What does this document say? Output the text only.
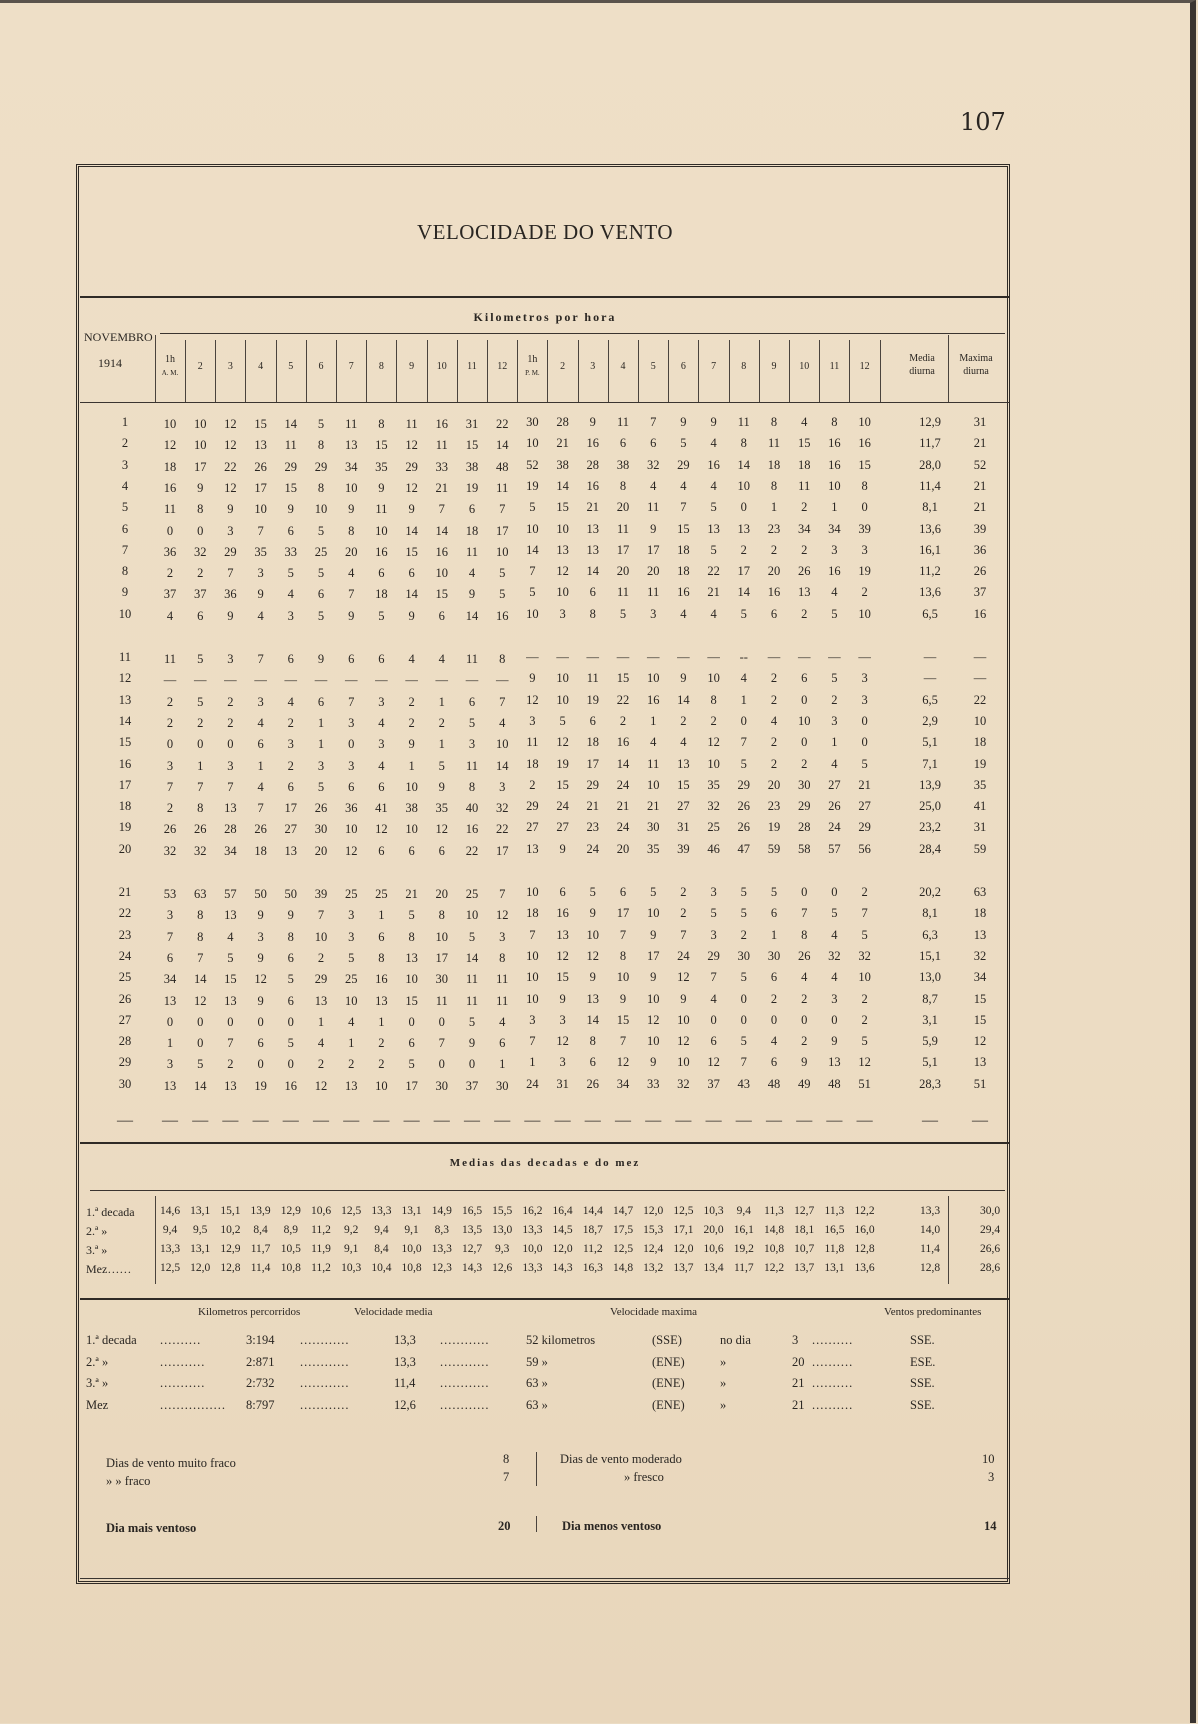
107
VELOCIDADE DO VENTO
NOVEMBRO
1914
Kilometros por hora
1h
A. M.
2	3	4	5	6	7	8	9	10	11	12
1h
P. M.
2	3	4	5	6	7	8	9	10	11	12
Media
diurna
Maxima
diurna
1	10	10	12	15	14	5	11	8	11	16	31	22	30	28	9	11	7	9	9	11	8	4	8	10	12,9	31
2	12	10	12	13	11	8	13	15	12	11	15	14	10	21	16	6	6	5	4	8	11	15	16	16	11,7	21
3	18	17	22	26	29	29	34	35	29	33	38	48	52	38	28	38	32	29	16	14	18	18	16	15	28,0	52
4	16	9	12	17	15	8	10	9	12	21	19	11	19	14	16	8	4	4	4	10	8	11	10	8	11,4	21
5	11	8	9	10	9	10	9	11	9	7	6	7	5	15	21	20	11	7	5	0	1	2	1	0	8,1	21
6	0	0	3	7	6	5	8	10	14	14	18	17	10	10	13	11	9	15	13	13	23	34	34	39	13,6	39
7	36	32	29	35	33	25	20	16	15	16	11	10	14	13	13	17	17	18	5	2	2	2	3	3	16,1	36
8	2	2	7	3	5	5	4	6	6	10	4	5	7	12	14	20	20	18	22	17	20	26	16	19	11,2	26
9	37	37	36	9	4	6	7	18	14	15	9	5	5	10	6	11	11	16	21	14	16	13	4	2	13,6	37
10	4	6	9	4	3	5	9	5	9	6	14	16	10	3	8	5	3	4	4	5	6	2	5	10	6,5	16
11	11	5	3	7	6	9	6	6	4	4	11	8	—	—	—	—	—	—	—	--	—	—	—	—	—	—
12	—	—	—	—	—	—	—	—	—	—	—	—	9	10	11	15	10	9	10	4	2	6	5	3	—	—
13	2	5	2	3	4	6	7	3	2	1	6	7	12	10	19	22	16	14	8	1	2	0	2	3	6,5	22
14	2	2	2	4	2	1	3	4	2	2	5	4	3	5	6	2	1	2	2	0	4	10	3	0	2,9	10
15	0	0	0	6	3	1	0	3	9	1	3	10	11	12	18	16	4	4	12	7	2	0	1	0	5,1	18
16	3	1	3	1	2	3	3	4	1	5	11	14	18	19	17	14	11	13	10	5	2	2	4	5	7,1	19
17	7	7	7	4	6	5	6	6	10	9	8	3	2	15	29	24	10	15	35	29	20	30	27	21	13,9	35
18	2	8	13	7	17	26	36	41	38	35	40	32	29	24	21	21	21	27	32	26	23	29	26	27	25,0	41
19	26	26	28	26	27	30	10	12	10	12	16	22	27	27	23	24	30	31	25	26	19	28	24	29	23,2	31
20	32	32	34	18	13	20	12	6	6	6	22	17	13	9	24	20	35	39	46	47	59	58	57	56	28,4	59
21	53	63	57	50	50	39	25	25	21	20	25	7	10	6	5	6	5	2	3	5	5	0	0	2	20,2	63
22	3	8	13	9	9	7	3	1	5	8	10	12	18	16	9	17	10	2	5	5	6	7	5	7	8,1	18
23	7	8	4	3	8	10	3	6	8	10	5	3	7	13	10	7	9	7	3	2	1	8	4	5	6,3	13
24	6	7	5	9	6	2	5	8	13	17	14	8	10	12	12	8	17	24	29	30	30	26	32	32	15,1	32
25	34	14	15	12	5	29	25	16	10	30	11	11	10	15	9	10	9	12	7	5	6	4	4	10	13,0	34
26	13	12	13	9	6	13	10	13	15	11	11	11	10	9	13	9	10	9	4	0	2	2	3	2	8,7	15
27	0	0	0	0	0	1	4	1	0	0	5	4	3	3	14	15	12	10	0	0	0	0	0	2	3,1	15
28	1	0	7	6	5	4	1	2	6	7	9	6	7	12	8	7	10	12	6	5	4	2	9	5	5,9	12
29	3	5	2	0	0	2	2	2	5	0	0	1	1	3	6	12	9	10	12	7	6	9	13	12	5,1	13
30	13	14	13	19	16	12	13	10	17	30	37	30	24	31	26	34	33	32	37	43	48	49	48	51	28,3	51
—	— — — — — — — — — — — — — — — — — — — — — — — —	—	—
Medias das decadas e do mez
1.ª decada	14,6 13,1 15,1 13,9 12,9 10,6 12,5 13,3 13,1 14,9 16,5 15,5 16,2 16,4 14,4 14,7 12,0 12,5 10,3	9,4	11,3 12,7 11,3 12,2	13,3	30,0
2.ª »	9,4	9,5	10,2	8,4	8,9	11,2	9,2	9,4	9,1	8,3	13,5 13,0 13,3 14,5 18,7 17,5 15,3 17,1 20,0 16,1 14,8 18,1 16,5 16,0	14,0	29,4
3.ª »	13,3 13,1 12,9 11,7 10,5 11,9	9,1	8,4	10,0 13,3 12,7	9,3	10,0 12,0 11,2 12,5 12,4 12,0 10,6 19,2 10,8 10,7 11,8 12,8	11,4	26,6
Mez……	12,5 12,0 12,8 11,4 10,8 11,2 10,3 10,4 10,8 12,3 14,3 12,6 13,3 14,3 16,3 14,8 13,2 13,7 13,4 11,7 12,2 13,7 13,1 13,6	12,8	28,6
Kilometros percorridos	Velocidade media	Velocidade maxima	Ventos predominantes
1.ª decada ..........	3:194 ............	13,3 ............	52 kilometros	(SSE)	no dia	3 ..........	SSE.
2.ª »	...........	2:871 ............	13,3 ............	59 »	(ENE)	»	20 ..........	ESE.
3.ª »	...........	2:732 ............	11,4 ............	63 »	(ENE)	»	21 ..........	SSE.
Mez	................ 8:797 ............	12,6 ............	63 »	(ENE)	»	21 ..........	SSE.
Dias de vento muito fraco	8
» » fraco	7
Dias de vento moderado	10
» fresco	3
Dia mais ventoso	20	Dia menos ventoso	14
